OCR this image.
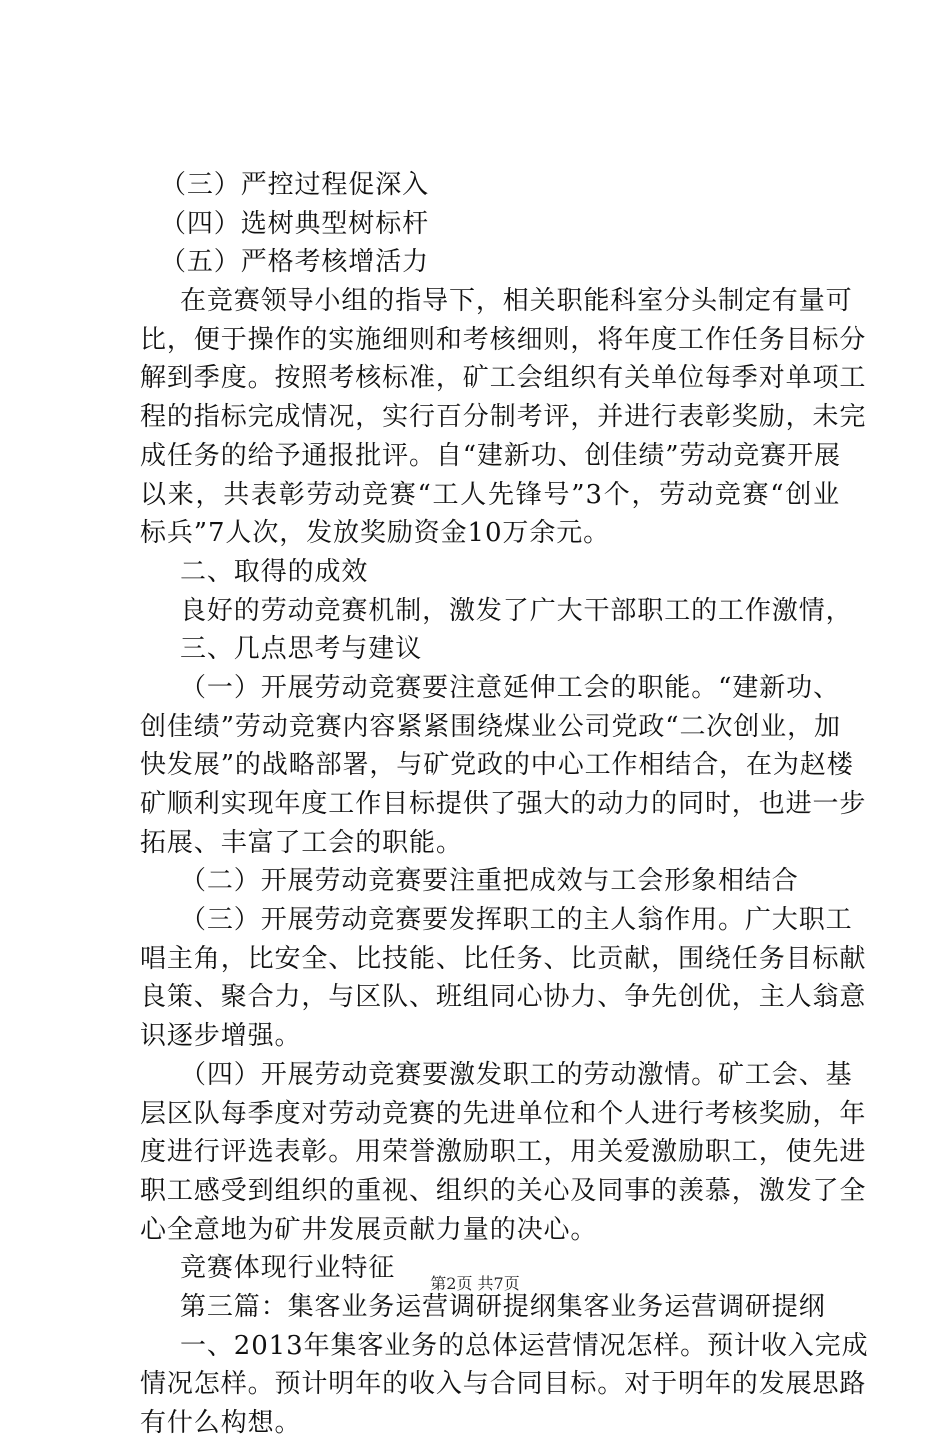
（三）严控过程促深入
（四）选树典型树标杆
（五）严格考核增活力
在竞赛领导小组的指导下，相关职能科室分头制定有量可
比，便于操作的实施细则和考核细则，将年度工作任务目标分
解到季度。按照考核标准，矿工会组织有关单位每季对单项工
程的指标完成情况，实行百分制考评，并进行表彰奖励，未完
成任务的给予通报批评。自“建新功、创佳绩”劳动竞赛开展
以来，共表彰劳动竞赛“工人先锋号”3个，劳动竞赛“创业
标兵”7人次，发放奖励资金10万余元。
二、取得的成效
良好的劳动竞赛机制，激发了广大干部职工的工作激情，
三、几点思考与建议
（一）开展劳动竞赛要注意延伸工会的职能。“建新功、
创佳绩”劳动竞赛内容紧紧围绕煤业公司党政“二次创业，加
快发展”的战略部署，与矿党政的中心工作相结合，在为赵楼
矿顺利实现年度工作目标提供了强大的动力的同时，也进一步
拓展、丰富了工会的职能。
（二）开展劳动竞赛要注重把成效与工会形象相结合
（三）开展劳动竞赛要发挥职工的主人翁作用。广大职工
唱主角，比安全、比技能、比任务、比贡献，围绕任务目标献
良策、聚合力，与区队、班组同心协力、争先创优，主人翁意
识逐步增强。
（四）开展劳动竞赛要激发职工的劳动激情。矿工会、基
层区队每季度对劳动竞赛的先进单位和个人进行考核奖励，年
度进行评选表彰。用荣誉激励职工，用关爱激励职工，使先进
职工感受到组织的重视、组织的关心及同事的羡慕，激发了全
心全意地为矿井发展贡献力量的决心。
竞赛体现行业特征
第三篇：集客业务运营调研提纲集客业务运营调研提纲
一、2013年集客业务的总体运营情况怎样。预计收入完成
情况怎样。预计明年的收入与合同目标。对于明年的发展思路
有什么构想。
第2页 共7页
